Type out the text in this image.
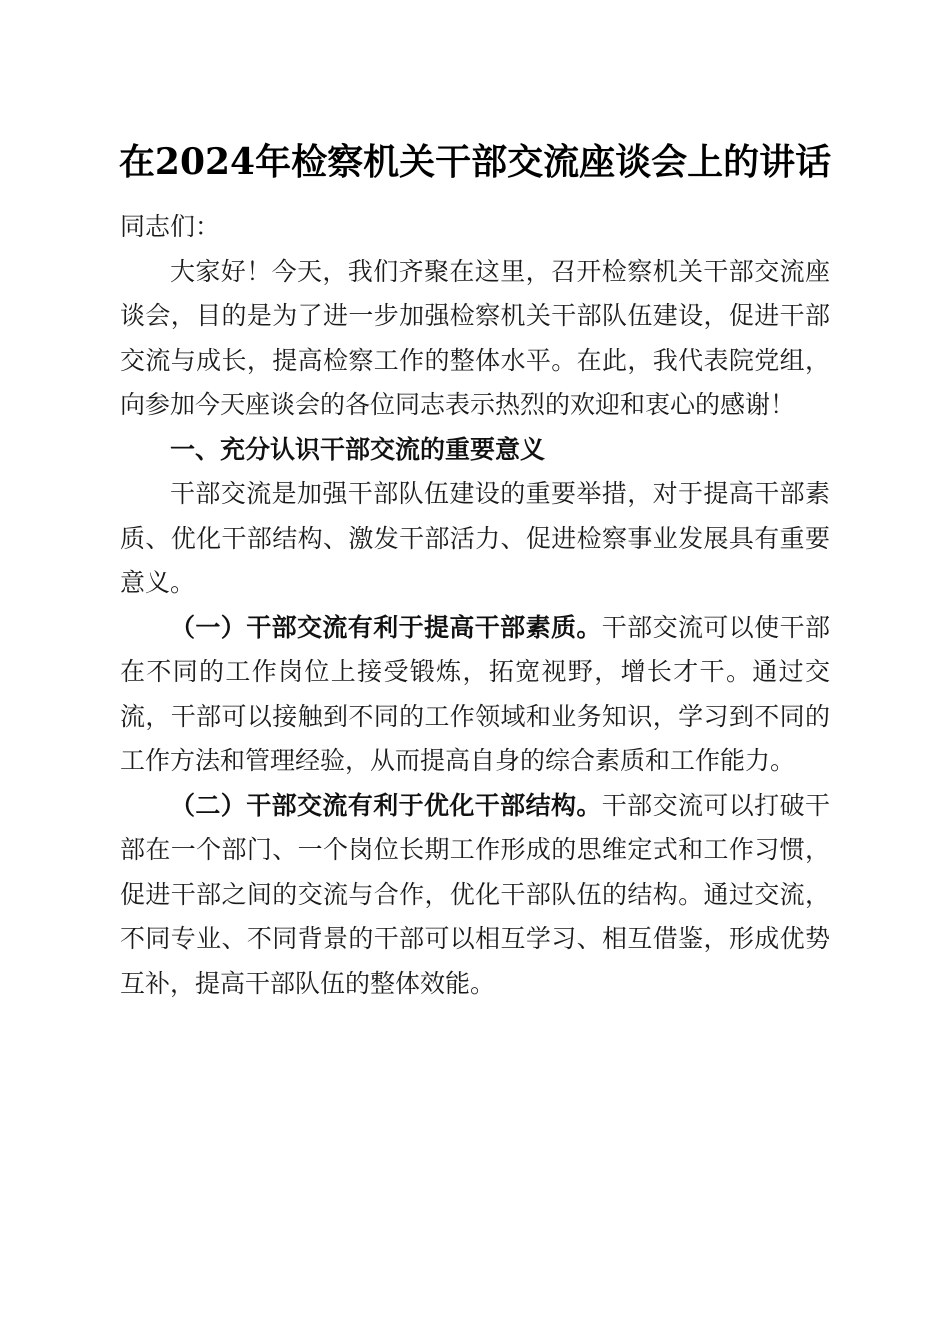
在2024年检察机关干部交流座谈会上的讲话

同志们：

大家好！今天，我们齐聚在这里，召开检察机关干部交流座谈会，目的是为了进一步加强检察机关干部队伍建设，促进干部交流与成长，提高检察工作的整体水平。在此，我代表院党组，向参加今天座谈会的各位同志表示热烈的欢迎和衷心的感谢！

一、充分认识干部交流的重要意义

干部交流是加强干部队伍建设的重要举措，对于提高干部素质、优化干部结构、激发干部活力、促进检察事业发展具有重要意义。

（一）干部交流有利于提高干部素质。干部交流可以使干部在不同的工作岗位上接受锻炼，拓宽视野，增长才干。通过交流，干部可以接触到不同的工作领域和业务知识，学习到不同的工作方法和管理经验，从而提高自身的综合素质和工作能力。

（二）干部交流有利于优化干部结构。干部交流可以打破干部在一个部门、一个岗位长期工作形成的思维定式和工作习惯，促进干部之间的交流与合作，优化干部队伍的结构。通过交流，不同专业、不同背景的干部可以相互学习、相互借鉴，形成优势互补，提高干部队伍的整体效能。
